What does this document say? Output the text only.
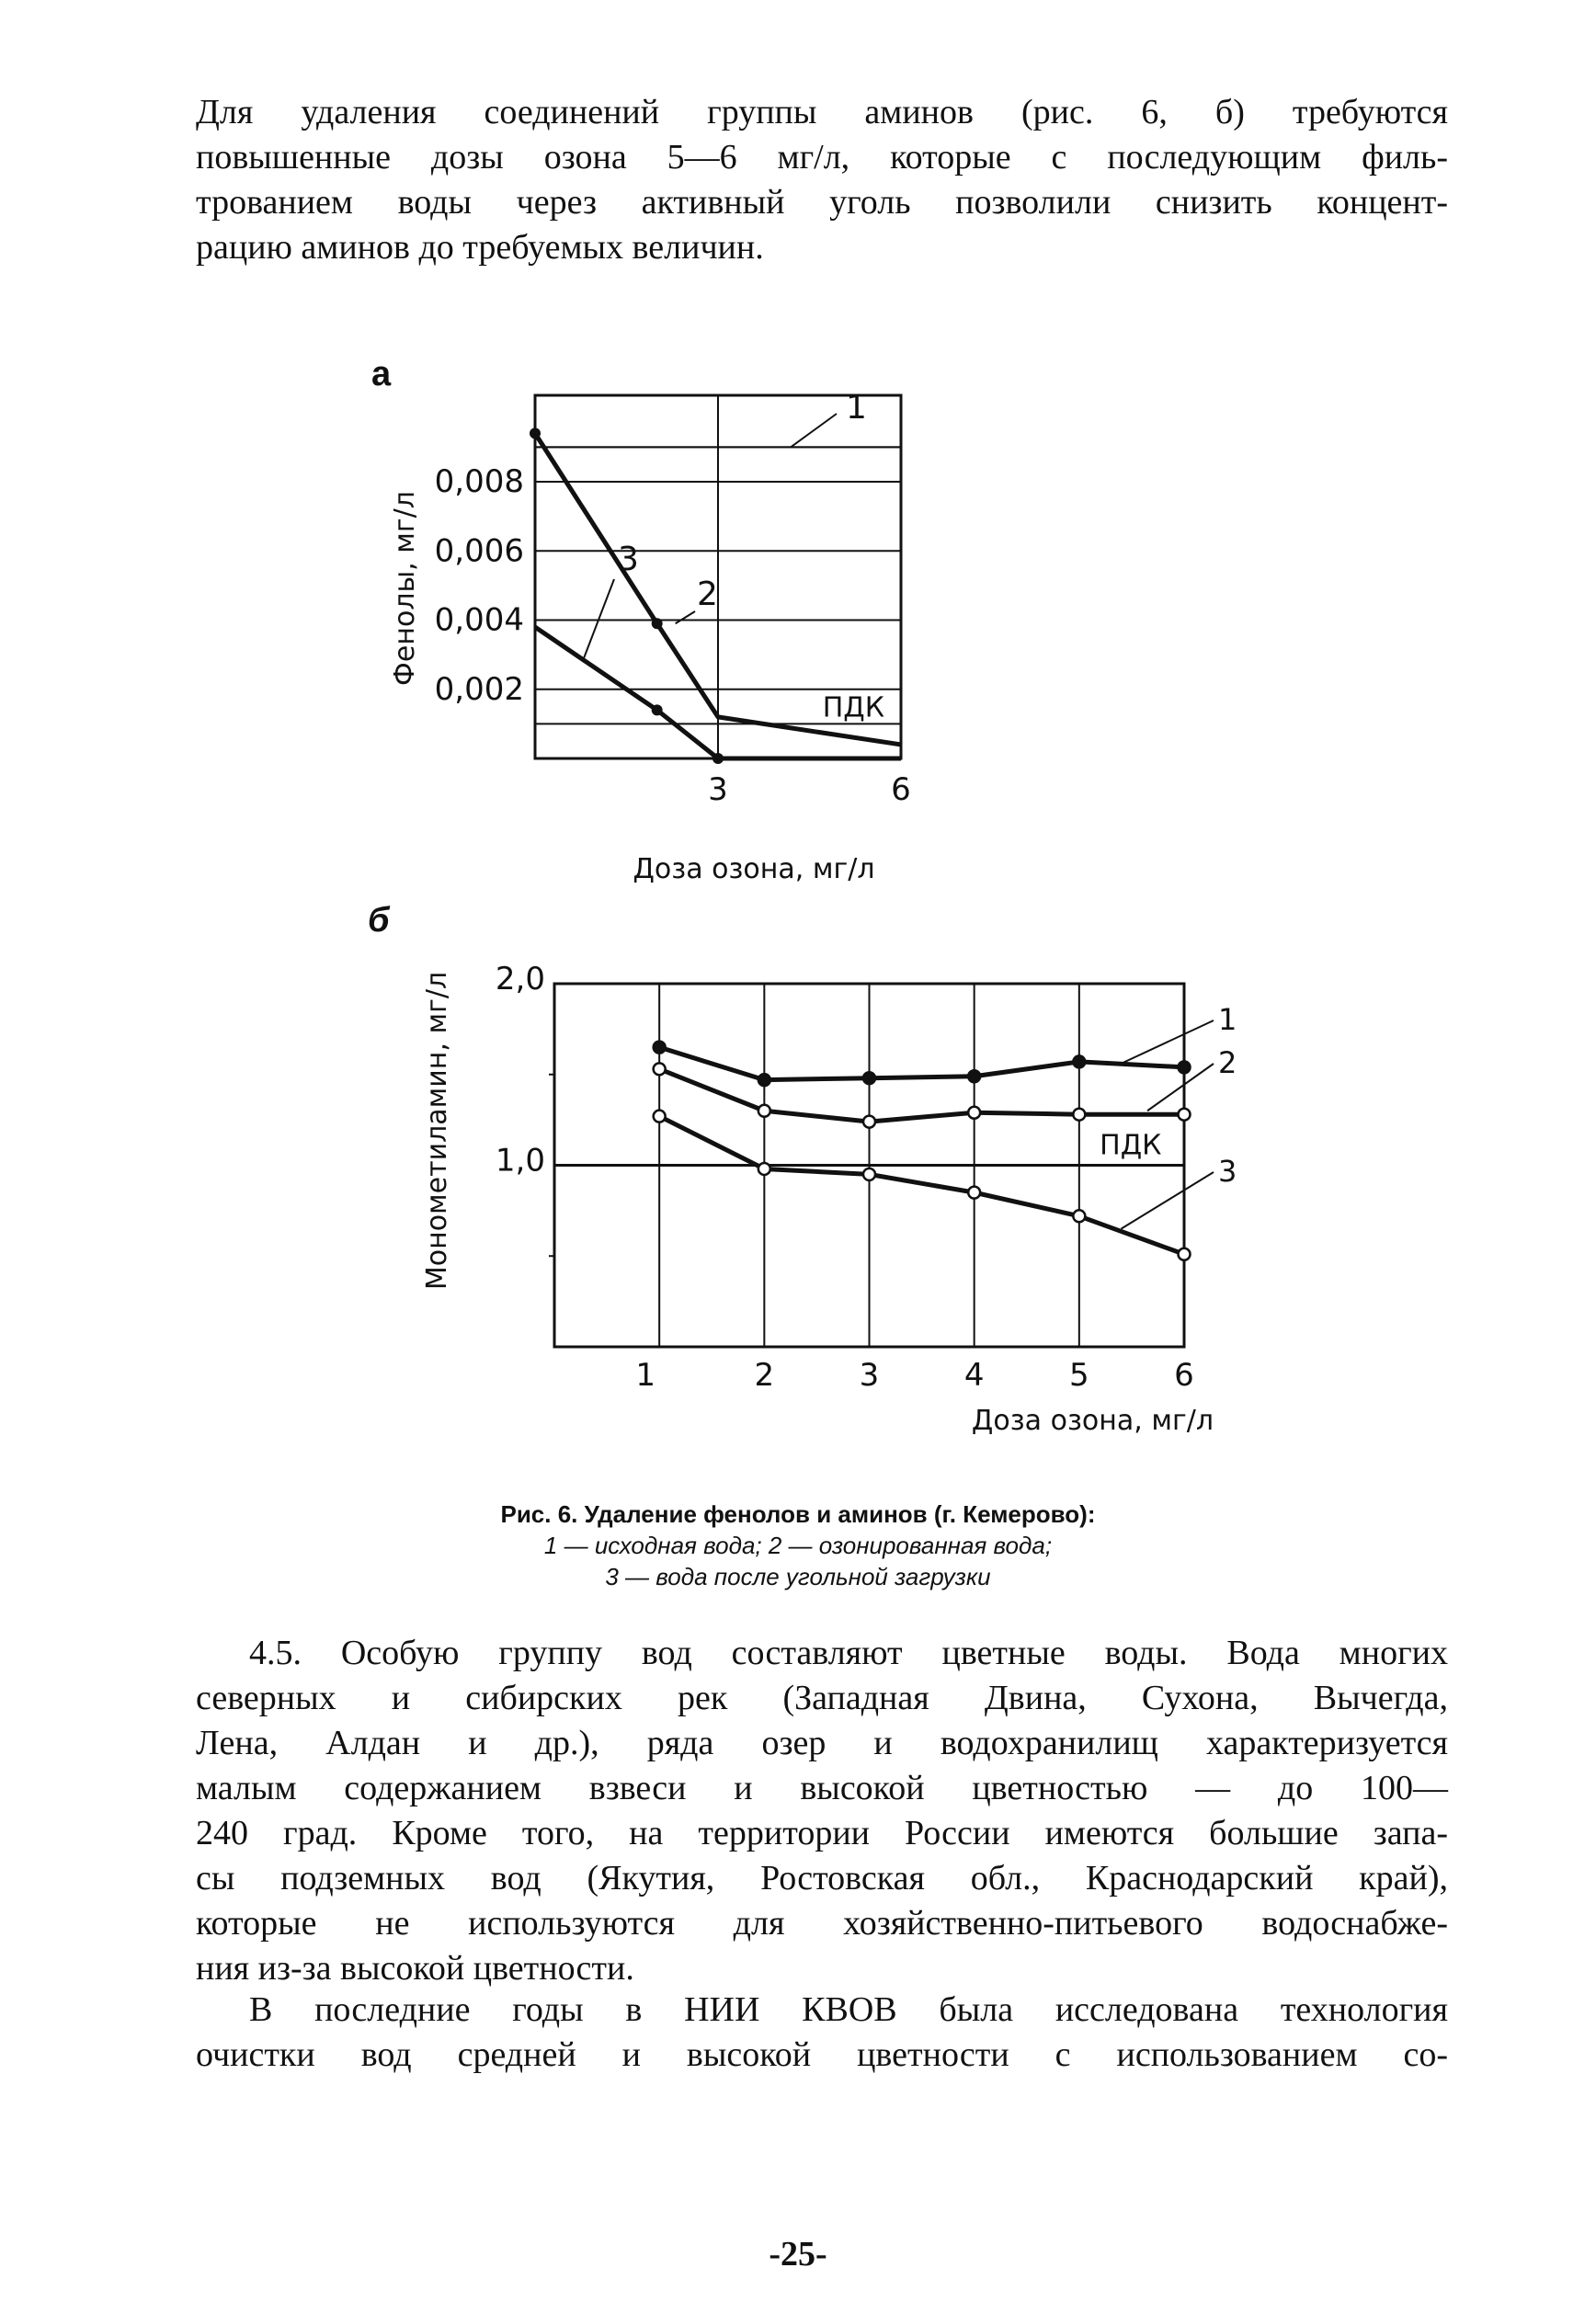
Для удаления соединений группы аминов (рис. 6, б) требуются
повышенные дозы озона 5—6 мг/л, которые с последующим филь-
трованием воды через активный уголь позволили снизить концент-
рацию аминов до требуемых величин.
а
б
0,002
0,004
0,006
0,008
3	6
ПДК
1
2
3
Фенолы, мг/л
Доза озона, мг/л
1,0
2,0
1	2	3	4	5	6
ПДК
1
2
3
Монометиламин, мг/л
Доза озона, мг/л
Рис. 6. Удаление фенолов и аминов (г. Кемерово):
1 — исходная вода; 2 — озонированная вода;
3 — вода после угольной загрузки
4.5. Особую группу вод составляют цветные воды. Вода многих
северных и сибирских рек (Западная Двина, Сухона, Вычегда,
Лена, Алдан и др.), ряда озер и водохранилищ характеризуется
малым содержанием взвеси и высокой цветностью — до 100—
240 град. Кроме того, на территории России имеются большие запа-
сы подземных вод (Якутия, Ростовская обл., Краснодарский край),
которые не используются для хозяйственно-питьевого водоснабже-
ния из-за высокой цветности.
В последние годы в НИИ КВОВ была исследована технология
очистки вод средней и высокой цветности с использованием со-
-25-
